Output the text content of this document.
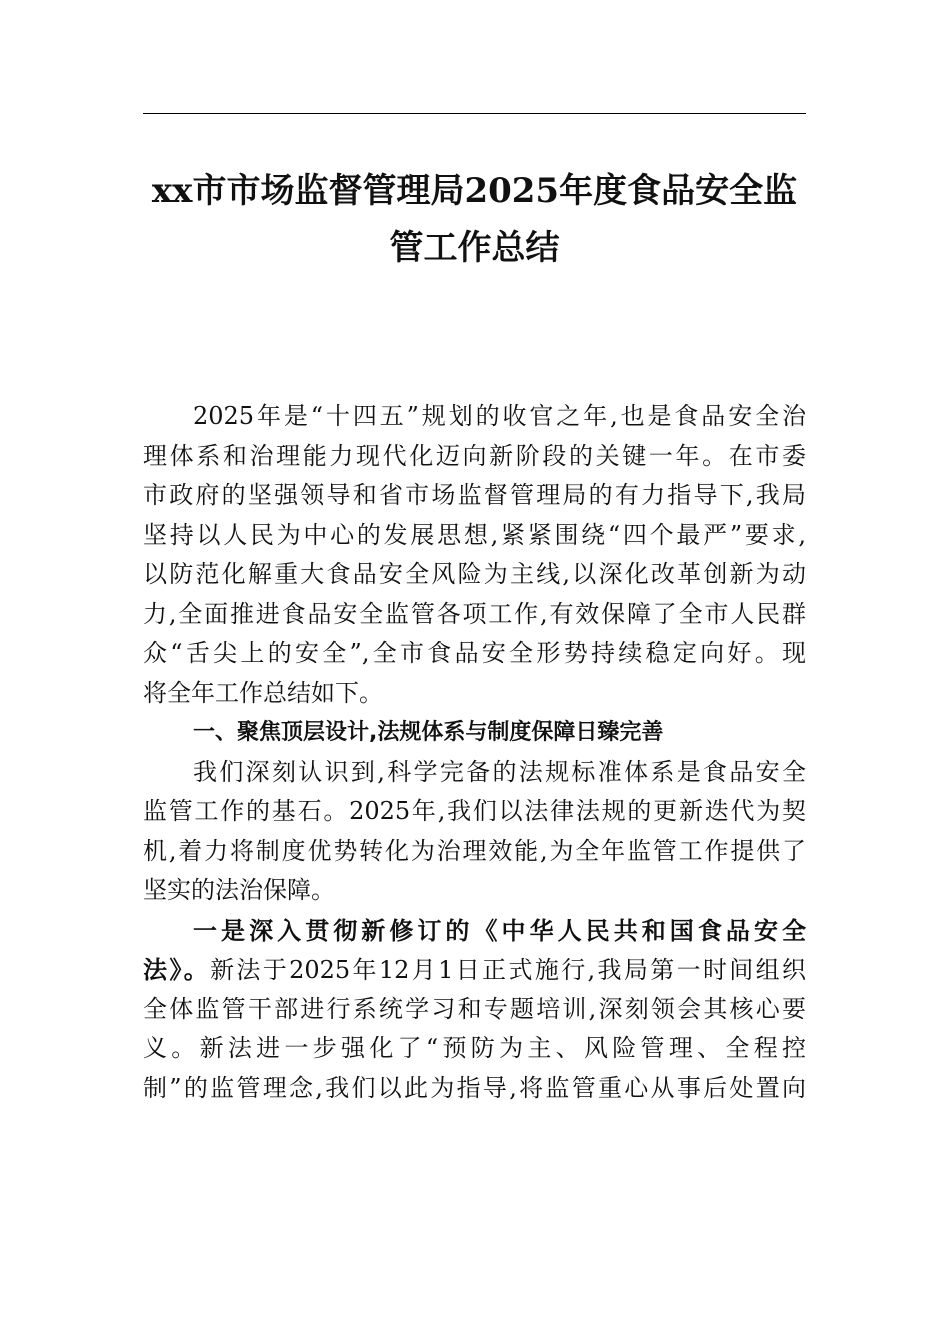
xx市市场监督管理局2025年度食品安全监
管工作总结
2025年是“十四五”规划的收官之年,也是食品安全治
理体系和治理能力现代化迈向新阶段的关键一年。在市委
市政府的坚强领导和省市场监督管理局的有力指导下,我局
坚持以人民为中心的发展思想,紧紧围绕“四个最严”要求,
以防范化解重大食品安全风险为主线,以深化改革创新为动
力,全面推进食品安全监管各项工作,有效保障了全市人民群
众“舌尖上的安全”,全市食品安全形势持续稳定向好。现
将全年工作总结如下。
一、聚焦顶层设计,法规体系与制度保障日臻完善
我们深刻认识到,科学完备的法规标准体系是食品安全
监管工作的基石。2025年,我们以法律法规的更新迭代为契
机,着力将制度优势转化为治理效能,为全年监管工作提供了
坚实的法治保障。
一是深入贯彻新修订的《中华人民共和国食品安全
法》。新法于2025年12月1日正式施行,我局第一时间组织
全体监管干部进行系统学习和专题培训,深刻领会其核心要
义。新法进一步强化了“预防为主、风险管理、全程控
制”的监管理念,我们以此为指导,将监管重心从事后处置向
